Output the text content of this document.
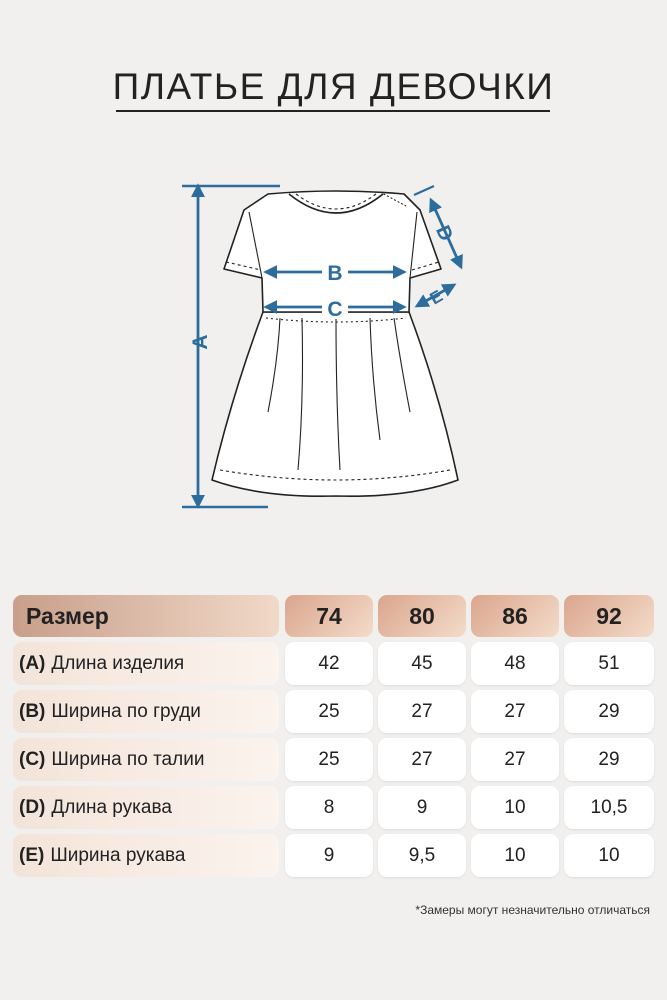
ПЛАТЬЕ ДЛЯ ДЕВОЧКИ
A
B
C
D
E
Размер	74	80	86	92
(A) Длина изделия	42	45	48	51
(B) Ширина по груди	25	27	27	29
(C) Ширина по талии	25	27	27	29
(D) Длина рукава	8	9	10	10,5
(E) Ширина рукава	9	9,5	10	10
*Замеры могут незначительно отличаться
